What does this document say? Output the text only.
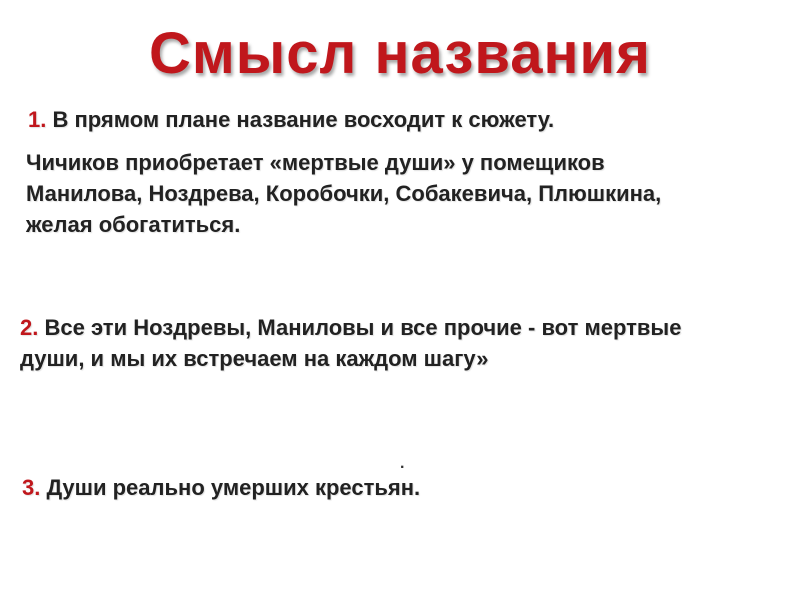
Смысл названия
1. В прямом плане название восходит к сюжету.
Чичиков приобретает «мертвые души» у помещиков
Манилова, Ноздрева, Коробочки, Собакевича, Плюшкина,
желая обогатиться.
2. Все эти Ноздревы, Маниловы и все прочие - вот мертвые
души, и мы их встречаем на каждом шагу»
.
3. Души реально умерших крестьян.
